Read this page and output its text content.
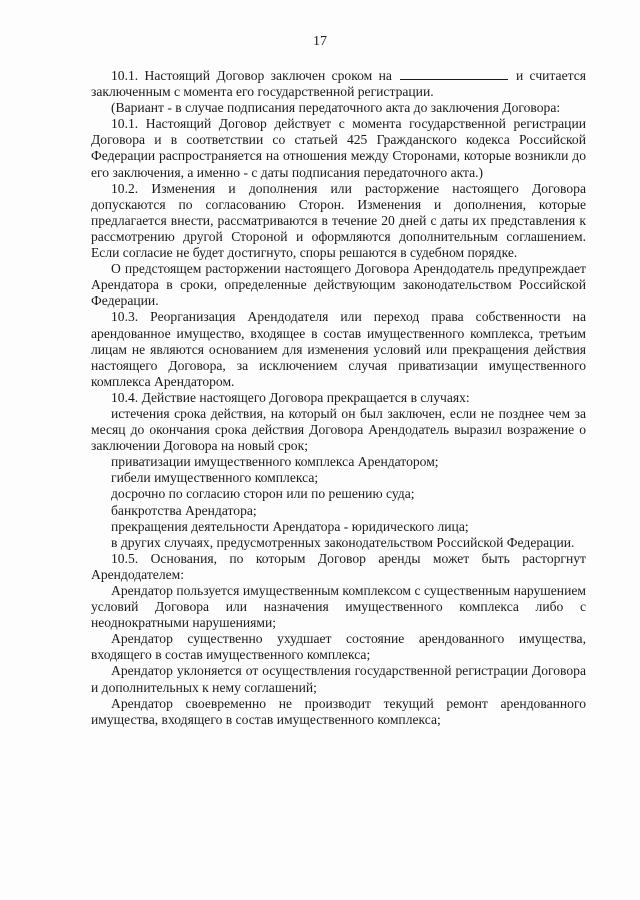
17

10.1. Настоящий Договор заключен сроком на	и считается заключенным с момента его государственной регистрации.

(Вариант - в случае подписания передаточного акта до заключения Договора:

10.1. Настоящий Договор действует с момента государственной регистрации Договора и в соответствии со статьей 425 Гражданского кодекса Российской Федерации распространяется на отношения между Сторонами, которые возникли до его заключения, а именно - с даты подписания передаточного акта.)

10.2. Изменения и дополнения или расторжение настоящего Договора допускаются по согласованию Сторон. Изменения и дополнения, которые предлагается внести, рассматриваются в течение 20 дней с даты их представления к рассмотрению другой Стороной и оформляются дополнительным соглашением. Если согласие не будет достигнуто, споры решаются в судебном порядке.

О предстоящем расторжении настоящего Договора Арендодатель предупреждает Арендатора в сроки, определенные действующим законодательством Российской Федерации.

10.3. Реорганизация Арендодателя или переход права собственности на арендованное имущество, входящее в состав имущественного комплекса, третьим лицам не являются основанием для изменения условий или прекращения действия настоящего Договора, за исключением случая приватизации имущественного комплекса Арендатором.

10.4. Действие настоящего Договора прекращается в случаях:

истечения срока действия, на который он был заключен, если не позднее чем за месяц до окончания срока действия Договора Арендодатель выразил возражение о заключении Договора на новый срок;

приватизации имущественного комплекса Арендатором;

гибели имущественного комплекса;

досрочно по согласию сторон или по решению суда;

банкротства Арендатора;

прекращения деятельности Арендатора - юридического лица;

в других случаях, предусмотренных законодательством Российской Федерации.

10.5. Основания, по которым Договор аренды может быть расторгнут Арендодателем:

Арендатор пользуется имущественным комплексом с существенным нарушением условий Договора или назначения имущественного комплекса либо с неоднократными нарушениями;

Арендатор существенно ухудшает состояние арендованного имущества, входящего в состав имущественного комплекса;

Арендатор уклоняется от осуществления государственной регистрации Договора и дополнительных к нему соглашений;

Арендатор своевременно не производит текущий ремонт арендованного имущества, входящего в состав имущественного комплекса;
